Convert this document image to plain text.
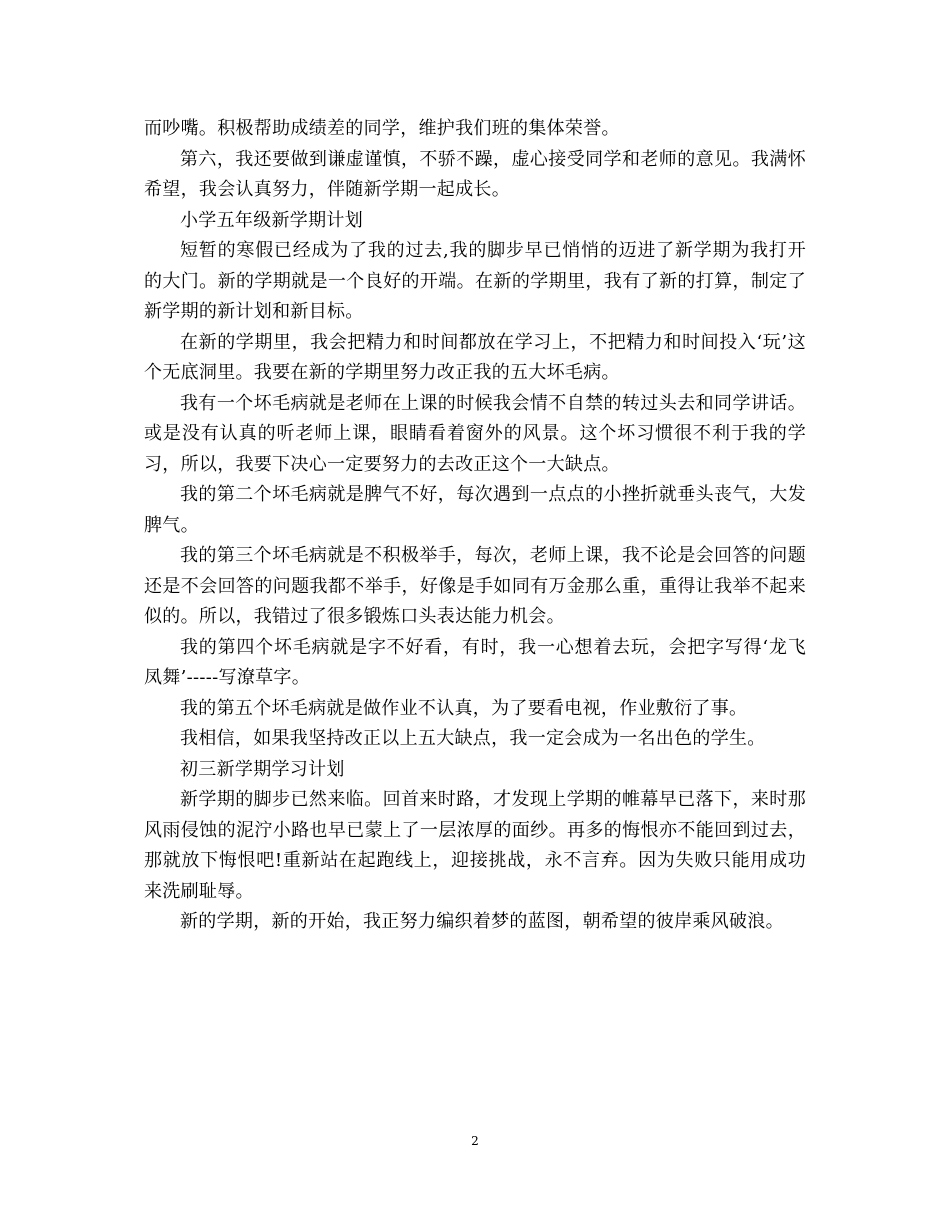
而吵嘴。积极帮助成绩差的同学，维护我们班的集体荣誉。

第六，我还要做到谦虚谨慎，不骄不躁，虚心接受同学和老师的意见。我满怀希望，我会认真努力，伴随新学期一起成长。

小学五年级新学期计划

短暂的寒假已经成为了我的过去,我的脚步早已悄悄的迈进了新学期为我打开的大门。新的学期就是一个良好的开端。在新的学期里，我有了新的打算，制定了新学期的新计划和新目标。

在新的学期里，我会把精力和时间都放在学习上，不把精力和时间投入‘玩’这个无底洞里。我要在新的学期里努力改正我的五大坏毛病。

我有一个坏毛病就是老师在上课的时候我会情不自禁的转过头去和同学讲话。或是没有认真的听老师上课，眼睛看着窗外的风景。这个坏习惯很不利于我的学习，所以，我要下决心一定要努力的去改正这个一大缺点。

我的第二个坏毛病就是脾气不好，每次遇到一点点的小挫折就垂头丧气，大发脾气。

我的第三个坏毛病就是不积极举手，每次，老师上课，我不论是会回答的问题还是不会回答的问题我都不举手，好像是手如同有万金那么重，重得让我举不起来似的。所以，我错过了很多锻炼口头表达能力机会。

我的第四个坏毛病就是字不好看，有时，我一心想着去玩，会把字写得‘龙飞凤舞’-----写潦草字。

我的第五个坏毛病就是做作业不认真，为了要看电视，作业敷衍了事。

我相信，如果我坚持改正以上五大缺点，我一定会成为一名出色的学生。

初三新学期学习计划

新学期的脚步已然来临。回首来时路，才发现上学期的帷幕早已落下，来时那风雨侵蚀的泥泞小路也早已蒙上了一层浓厚的面纱。再多的悔恨亦不能回到过去，那就放下悔恨吧!重新站在起跑线上，迎接挑战，永不言弃。因为失败只能用成功来洗刷耻辱。

新的学期，新的开始，我正努力编织着梦的蓝图，朝希望的彼岸乘风破浪。

2
